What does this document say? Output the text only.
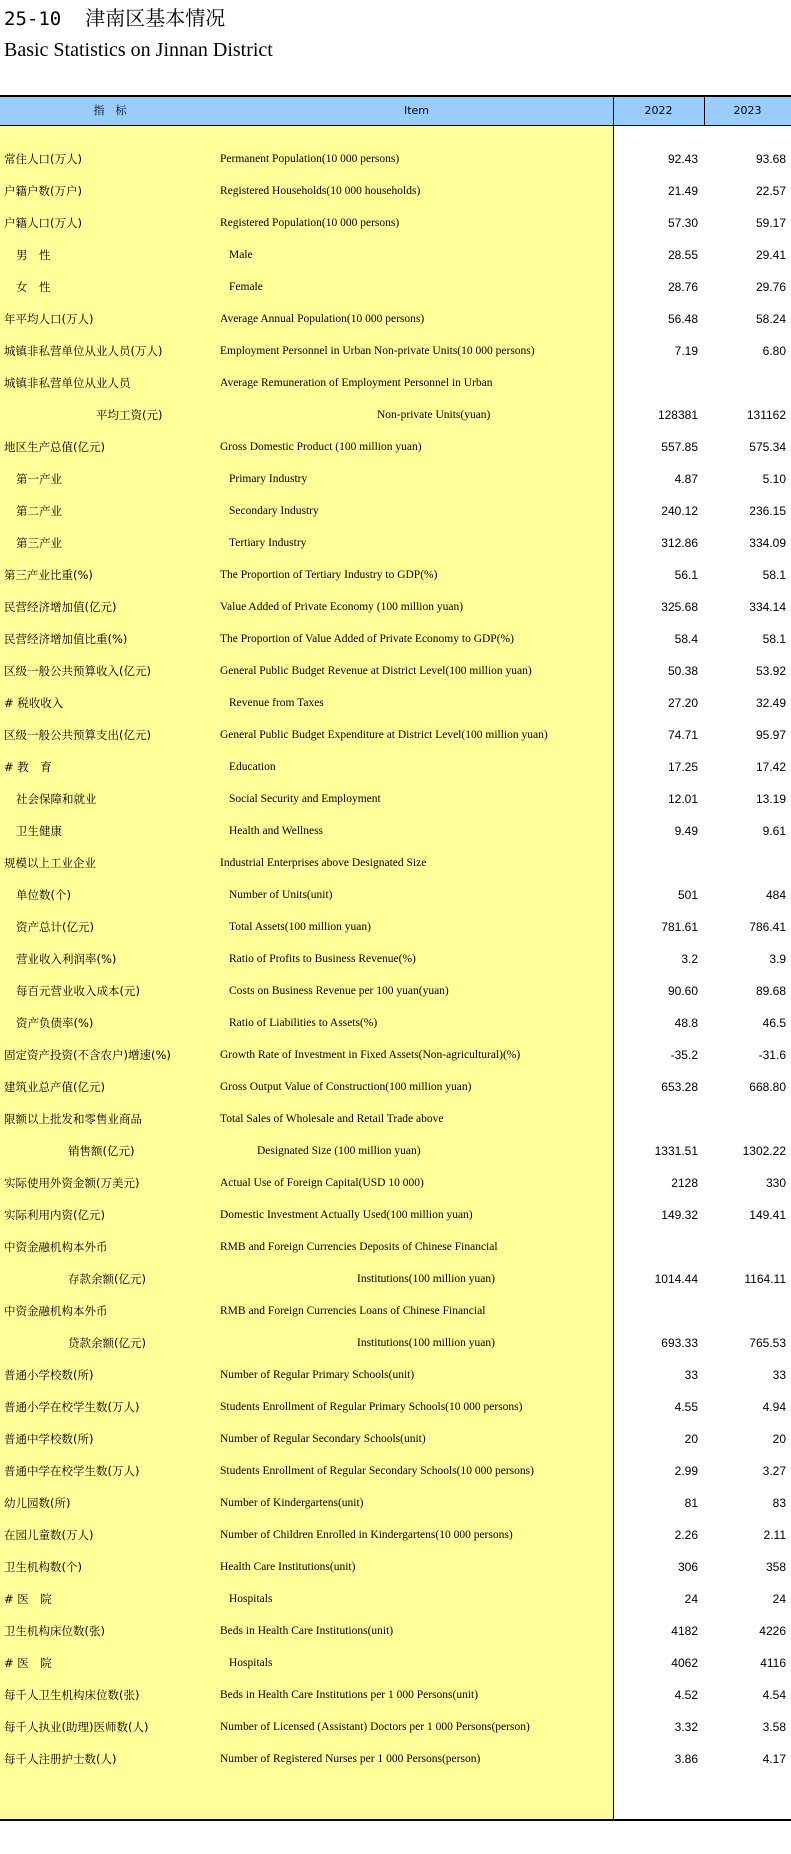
25-10 津南区基本情况
Basic Statistics on Jinnan District
指　标	Item	2022	2023
常住人口(万人)	Permanent Population(10 000 persons)	92.43	93.68
户籍户数(万户)	Registered Households(10 000 households)	21.49	22.57
户籍人口(万人)	Registered Population(10 000 persons)	57.30	59.17
男　性	Male	28.55	29.41
女　性	Female	28.76	29.76
年平均人口(万人)	Average Annual Population(10 000 persons)	56.48	58.24
城镇非私营单位从业人员(万人)	Employment Personnel in Urban Non-private Units(10 000 persons)	7.19	6.80
城镇非私营单位从业人员	Average Remuneration of Employment Personnel in Urban
平均工资(元)	Non-private Units(yuan)	128381	131162
地区生产总值(亿元)	Gross Domestic Product (100 million yuan)	557.85	575.34
第一产业	Primary Industry	4.87	5.10
第二产业	Secondary Industry	240.12	236.15
第三产业	Tertiary Industry	312.86	334.09
第三产业比重(%)	The Proportion of Tertiary Industry to GDP(%)	56.1	58.1
民营经济增加值(亿元)	Value Added of Private Economy (100 million yuan)	325.68	334.14
民营经济增加值比重(%)	The Proportion of Value Added of Private Economy to GDP(%)	58.4	58.1
区级一般公共预算收入(亿元)	General Public Budget Revenue at District Level(100 million yuan)	50.38	53.92
# 税收收入	Revenue from Taxes	27.20	32.49
区级一般公共预算支出(亿元)	General Public Budget Expenditure at District Level(100 million yuan)	74.71	95.97
# 教　育	Education	17.25	17.42
社会保障和就业	Social Security and Employment	12.01	13.19
卫生健康	Health and Wellness	9.49	9.61
规模以上工业企业	Industrial Enterprises above Designated Size
单位数(个)	Number of Units(unit)	501	484
资产总计(亿元)	Total Assets(100 million yuan)	781.61	786.41
营业收入利润率(%)	Ratio of Profits to Business Revenue(%)	3.2	3.9
每百元营业收入成本(元)	Costs on Business Revenue per 100 yuan(yuan)	90.60	89.68
资产负债率(%)	Ratio of Liabilities to Assets(%)	48.8	46.5
固定资产投资(不含农户)增速(%)	Growth Rate of Investment in Fixed Assets(Non-agricultural)(%)	-35.2	-31.6
建筑业总产值(亿元)	Gross Output Value of Construction(100 million yuan)	653.28	668.80
限额以上批发和零售业商品	Total Sales of Wholesale and Retail Trade above
销售额(亿元)	Designated Size (100 million yuan)	1331.51	1302.22
实际使用外资金额(万美元)	Actual Use of Foreign Capital(USD 10 000)	2128	330
实际利用内资(亿元)	Domestic Investment Actually Used(100 million yuan)	149.32	149.41
中资金融机构本外币	RMB and Foreign Currencies Deposits of Chinese Financial
存款余额(亿元)	Institutions(100 million yuan)	1014.44	1164.11
中资金融机构本外币	RMB and Foreign Currencies Loans of Chinese Financial
贷款余额(亿元)	Institutions(100 million yuan)	693.33	765.53
普通小学校数(所)	Number of Regular Primary Schools(unit)	33	33
普通小学在校学生数(万人)	Students Enrollment of Regular Primary Schools(10 000 persons)	4.55	4.94
普通中学校数(所)	Number of Regular Secondary Schools(unit)	20	20
普通中学在校学生数(万人)	Students Enrollment of Regular Secondary Schools(10 000 persons)	2.99	3.27
幼儿园数(所)	Number of Kindergartens(unit)	81	83
在园儿童数(万人)	Number of Children Enrolled in Kindergartens(10 000 persons)	2.26	2.11
卫生机构数(个)	Health Care Institutions(unit)	306	358
# 医　院	Hospitals	24	24
卫生机构床位数(张)	Beds in Health Care Institutions(unit)	4182	4226
# 医　院	Hospitals	4062	4116
每千人卫生机构床位数(张)	Beds in Health Care Institutions per 1 000 Persons(unit)	4.52	4.54
每千人执业(助理)医师数(人)	Number of Licensed (Assistant) Doctors per 1 000 Persons(person)	3.32	3.58
每千人注册护士数(人)	Number of Registered Nurses per 1 000 Persons(person)	3.86	4.17
